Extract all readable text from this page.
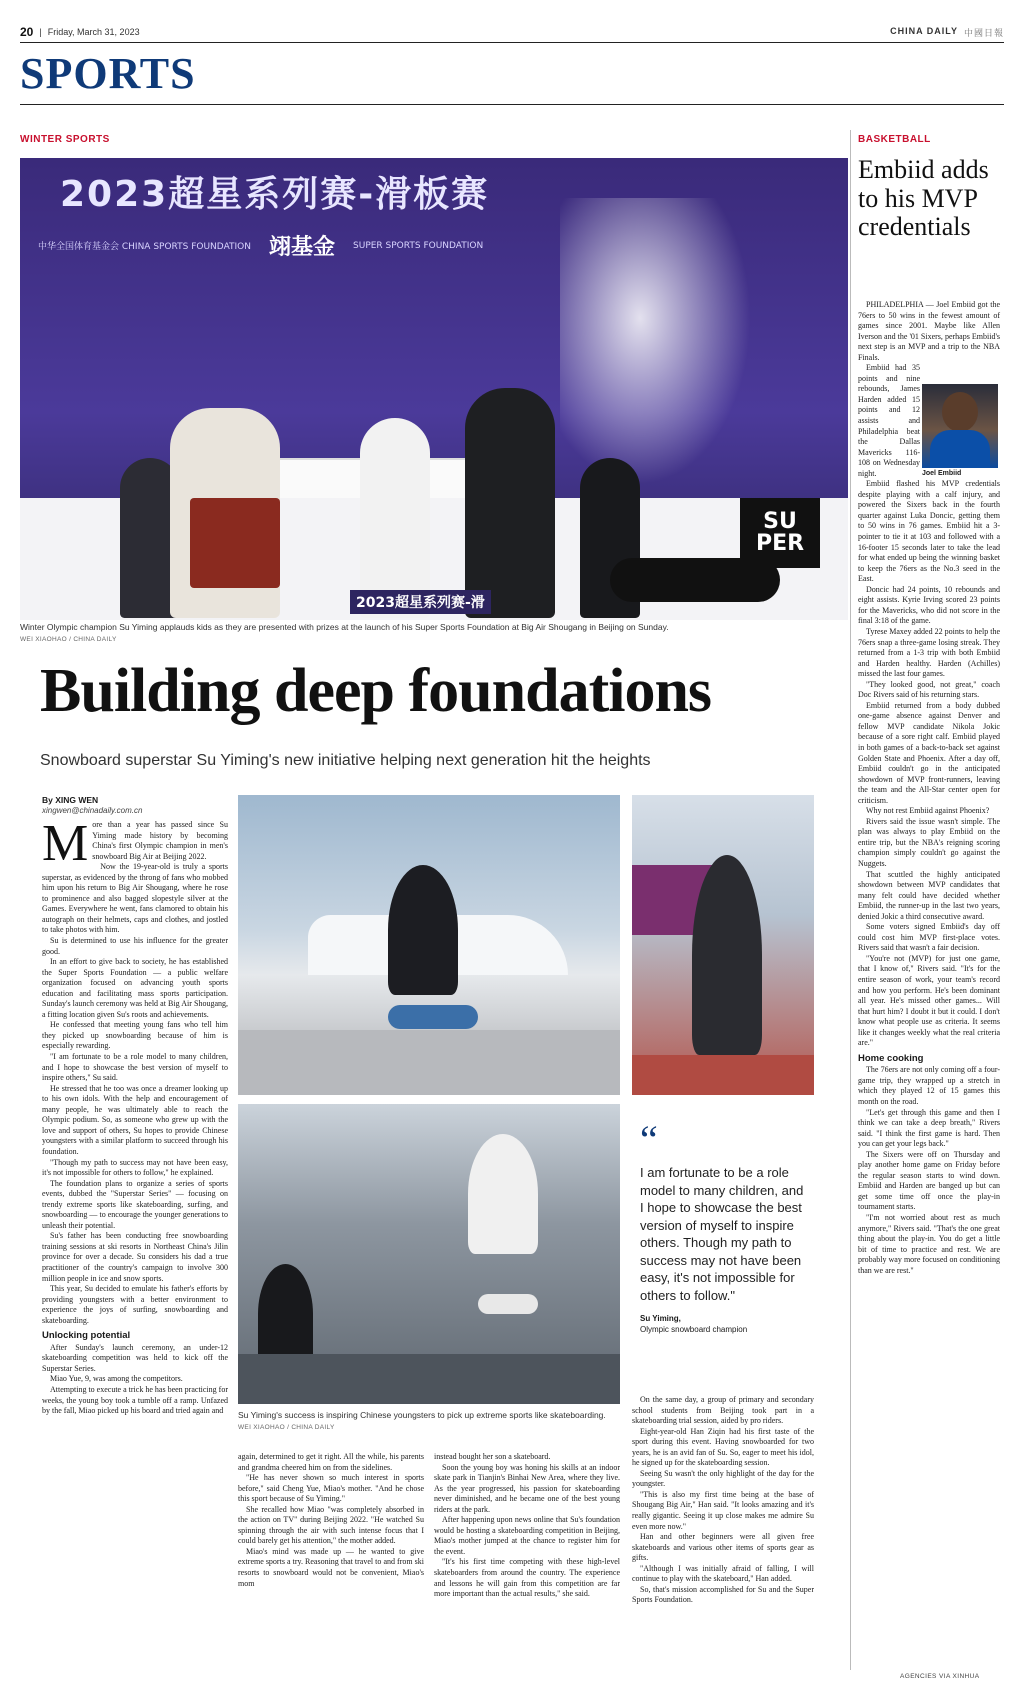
20 | Friday, March 31, 2023	CHINA DAILY 中國日報
SPORTS
WINTER SPORTS
2023超星系列赛-滑板赛
中华全国体育基金会 CHINA SPORTS FOUNDATION 翊基金 SUPER SPORTS FOUNDATION
SU PER
2023超星系列赛-滑
Winter Olympic champion Su Yiming applauds kids as they are presented with prizes at the launch of his Super Sports Foundation at Big Air Shougang in Beijing on Sunday.
WEI XIAOHAO / CHINA DAILY
Building deep foundations
Snowboard superstar Su Yiming's new initiative helping next generation hit the heights
By XING WEN
xingwen@chinadaily.com.cn
M ore than a year has passed since Su Yiming made history by becoming China's first Olympic champion in men's snowboard Big Air at Beijing 2022.

Now the 19-year-old is truly a sports superstar, as evidenced by the throng of fans who mobbed him upon his return to Big Air Shougang, where he rose to prominence and also bagged slopestyle silver at the Games. Everywhere he went, fans clamored to obtain his autograph on their helmets, caps and clothes, and jostled to take photos with him.

Su is determined to use his influence for the greater good.

In an effort to give back to society, he has established the Super Sports Foundation — a public welfare organization focused on advancing youth sports education and facilitating mass sports participation. Sunday's launch ceremony was held at Big Air Shougang, a fitting location given Su's roots and achievements.

He confessed that meeting young fans who tell him they picked up snowboarding because of him is especially rewarding.

"I am fortunate to be a role model to many children, and I hope to showcase the best version of myself to inspire others," Su said.

He stressed that he too was once a dreamer looking up to his own idols. With the help and encouragement of many people, he was ultimately able to reach the Olympic podium. So, as someone who grew up with the love and support of others, Su hopes to provide Chinese youngsters with a similar platform to succeed through his foundation.

"Though my path to success may not have been easy, it's not impossible for others to follow," he explained.

The foundation plans to organize a series of sports events, dubbed the "Superstar Series" — focusing on trendy extreme sports like skateboarding, surfing, and snowboarding — to encourage the younger generations to unleash their potential.

Su's father has been conducting free snowboarding training sessions at ski resorts in Northeast China's Jilin province for over a decade. Su considers his dad a true practitioner of the country's campaign to involve 300 million people in ice and snow sports.

This year, Su decided to emulate his father's efforts by providing youngsters with a better environment to experience the joys of surfing, snowboarding and skateboarding.

Unlocking potential

After Sunday's launch ceremony, an under-12 skateboarding competition was held to kick off the Superstar Series.

Miao Yue, 9, was among the competitors.

Attempting to execute a trick he has been practicing for weeks, the young boy took a tumble off a ramp. Unfazed by the fall, Miao picked up his board and tried again and	Su Yiming's success is inspiring Chinese youngsters to pick up extreme sports like skateboarding. WEI XIAOHAO / CHINA DAILY

again, determined to get it right. All the while, his parents and grandma cheered him on from the sidelines.

"He has never shown so much interest in sports before," said Cheng Yue, Miao's mother. "And he chose this sport because of Su Yiming."

She recalled how Miao "was completely absorbed in the action on TV" during Beijing 2022. "He watched Su spinning through the air with such intense focus that I could barely get his attention," the mother added.

Miao's mind was made up — he wanted to give extreme sports a try. Reasoning that travel to and from ski resorts to snowboard would not be convenient, Miao's mom

instead bought her son a skateboard.

Soon the young boy was honing his skills at an indoor skate park in Tianjin's Binhai New Area, where they live. As the year progressed, his passion for skateboarding never diminished, and he became one of the best young riders at the park.

After happening upon news online that Su's foundation would be hosting a skateboarding competition in Beijing, Miao's mother jumped at the chance to register him for the event.

"It's his first time competing with these high-level skateboarders from around the country. The experience and lessons he will gain from this competition are far more important than the actual results," she said.

“
I am fortunate to be a role model to many children, and I hope to showcase the best version of myself to inspire others. Though my path to success may not have been easy, it's not impossible for others to follow."
Su Yiming,
Olympic snowboard champion

On the same day, a group of primary and secondary school students from Beijing took part in a skateboarding trial session, aided by pro riders.

Eight-year-old Han Ziqin had his first taste of the sport during this event. Having snowboarded for two years, he is an avid fan of Su. So, eager to meet his idol, he signed up for the skateboarding session.

Seeing Su wasn't the only highlight of the day for the youngster.

"This is also my first time being at the base of Shougang Big Air," Han said. "It looks amazing and it's really gigantic. Seeing it up close makes me admire Su even more now."

Han and other beginners were all given free skateboards and various other items of sports gear as gifts.

"Although I was initially afraid of falling, I will continue to play with the skateboard," Han added.

So, that's mission accomplished for Su and the Super Sports Foundation.

BASKETBALL
Embiid adds to his MVP credentials

PHILADELPHIA — Joel Embiid got the 76ers to 50 wins in the fewest amount of games since 2001. Maybe like Allen Iverson and the '01 Sixers, perhaps Embiid's next step is an MVP and a trip to the NBA Finals.

Embiid had 35 points and nine rebounds, James Harden added 15 points and 12 assists and Philadelphia beat the Dallas Mavericks 116-108 on Wednesday night.

Embiid flashed his MVP credentials despite playing with a calf injury, and powered the Sixers back in the fourth quarter against Luka Doncic, getting them to 50 wins in 76 games. Embiid hit a 3-pointer to tie it at 103 and followed with a 16-footer 15 seconds later to take the lead for what ended up being the winning basket to keep the 76ers as the No.3 seed in the East.

Doncic had 24 points, 10 rebounds and eight assists. Kyrie Irving scored 23 points for the Mavericks, who did not score in the final 3:18 of the game.

Tyrese Maxey added 22 points to help the 76ers snap a three-game losing streak. They returned from a 1-3 trip with both Embiid and Harden healthy. Harden (Achilles) missed the last four games.

"They looked good, not great," coach Doc Rivers said of his returning stars.

Embiid returned from a body dubbed one-game absence against Denver and fellow MVP candidate Nikola Jokic because of a sore right calf. Embiid played in both games of a back-to-back set against Golden State and Phoenix. After a day off, Embiid couldn't go in the anticipated showdown of MVP front-runners, leaving the team and the All-Star center open for criticism.

Why not rest Embiid against Phoenix?

Rivers said the issue wasn't simple. The plan was always to play Embiid on the entire trip, but the NBA's reigning scoring champion simply couldn't go against the Nuggets.

That scuttled the highly anticipated showdown between MVP candidates that many felt could have decided whether Embiid, the runner-up in the last two years, denied Jokic a third consecutive award.

Some voters signed Embiid's day off could cost him MVP first-place votes. Rivers said that wasn't a fair decision.

"You're not (MVP) for just one game, that I know of," Rivers said. "It's for the entire season of work, your team's record and how you perform. He's been dominant all year. He's missed other games... Will that hurt him? I doubt it but it could. I don't know what people use as criteria. It seems like it changes weekly what the real criteria are."

Home cooking

The 76ers are not only coming off a four-game trip, they wrapped up a stretch in which they played 12 of 15 games this month on the road.

"Let's get through this game and then I think we can take a deep breath," Rivers said. "I think the first game is hard. Then you can get your legs back."

The Sixers were off on Thursday and play another home game on Friday before the regular season starts to wind down. Embiid and Harden are banged up but can get some time off once the play-in tournament starts.

"I'm not worried about rest as much anymore," Rivers said. "That's the one great thing about the play-in. You do get a little bit of time to practice and rest. We are probably way more focused on conditioning than we are rest."

Joel Embiid
AGENCIES VIA XINHUA
